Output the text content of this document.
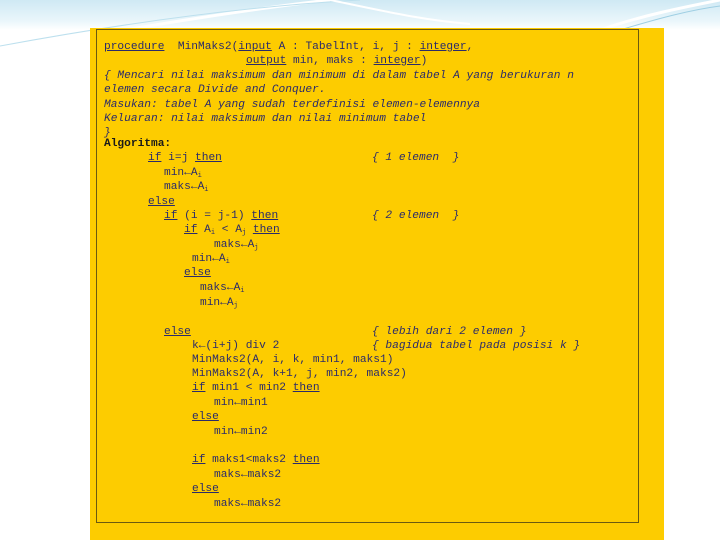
procedure  MinMaks2(input A : TabelInt, i, j : integer,
output min, maks : integer)
{ Mencari nilai maksimum dan minimum di dalam tabel A yang berukuran n
elemen secara Divide and Conquer.
Masukan: tabel A yang sudah terdefinisi elemen-elemennya
Keluaran: nilai maksimum dan nilai minimum tabel
}
Algoritma:
if i=j then	{ 1 elemen  }
$\min\leftarrow A_i$
$maks\leftarrow A_i$
else
if (i = j-1) then	{ 2 elemen  }
if $A_i < A_j$ then
$maks\leftarrow A_j$
$\min\leftarrow A_i$
else
$maks\leftarrow A_i$
$\min\leftarrow A_j$
else	{ lebih dari 2 elemen }
k←(i+j) div 2	{ bagidua tabel pada posisi k }
MinMaks2(A, i, k, min1, maks1)
MinMaks2(A, k+1, j, min2, maks2)
if min1 < min2 then
min←min1
else
min←min2
if maks1<maks2 then
maks←maks2
else
maks←maks2
